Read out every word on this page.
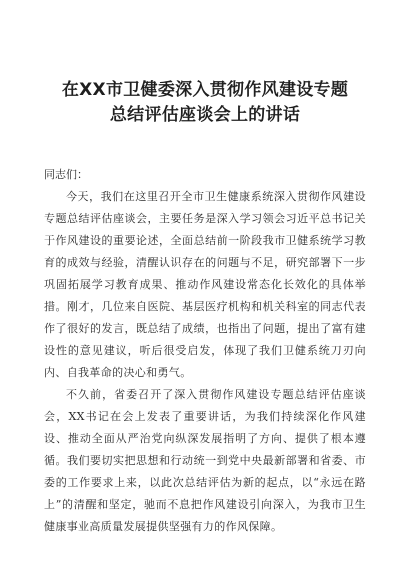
在XX市卫健委深入贯彻作风建设专题
总结评估座谈会上的讲话

同志们：

今天，我们在这里召开全市卫生健康系统深入贯彻作风建设专题总结评估座谈会，主要任务是深入学习领会习近平总书记关于作风建设的重要论述，全面总结前一阶段我市卫健系统学习教育的成效与经验，清醒认识存在的问题与不足，研究部署下一步巩固拓展学习教育成果、推动作风建设常态化长效化的具体举措。刚才，几位来自医院、基层医疗机构和机关科室的同志代表作了很好的发言，既总结了成绩，也指出了问题，提出了富有建设性的意见建议，听后很受启发，体现了我们卫健系统刀刃向内、自我革命的决心和勇气。

不久前，省委召开了深入贯彻作风建设专题总结评估座谈会，XX书记在会上发表了重要讲话，为我们持续深化作风建设、推动全面从严治党向纵深发展指明了方向、提供了根本遵循。我们要切实把思想和行动统一到党中央最新部署和省委、市委的工作要求上来，以此次总结评估为新的起点，以“永远在路上”的清醒和坚定，驰而不息把作风建设引向深入，为我市卫生健康事业高质量发展提供坚强有力的作风保障。
